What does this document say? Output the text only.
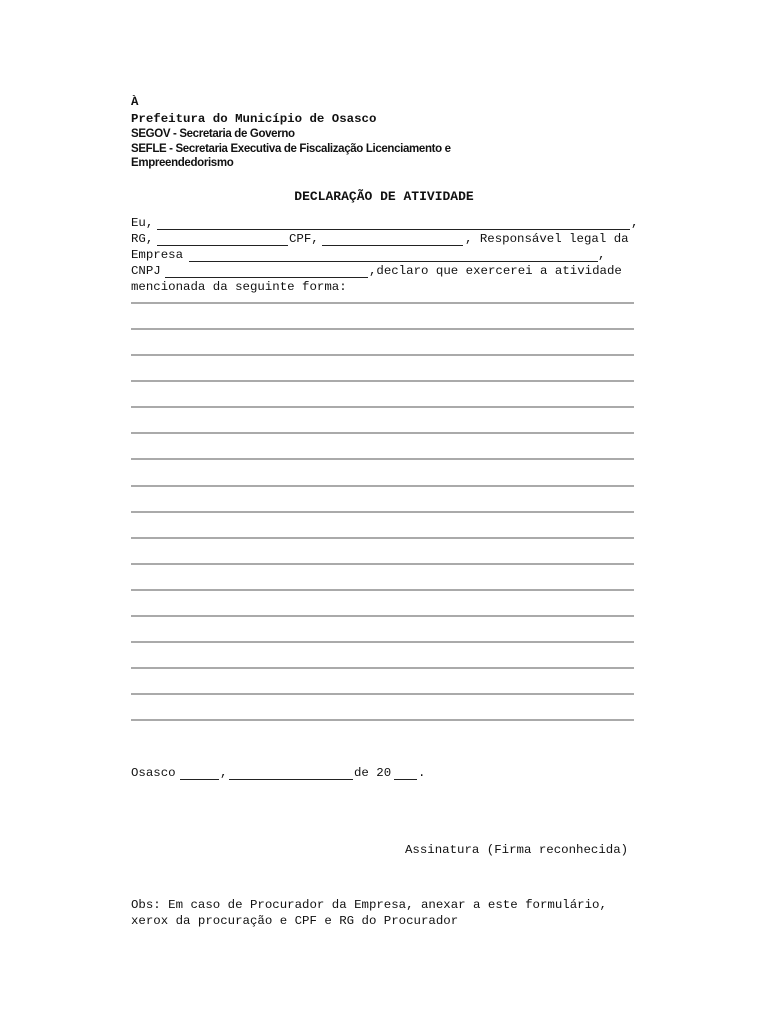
À
Prefeitura do Município de Osasco
SEGOV - Secretaria de Governo
SEFLE - Secretaria Executiva de Fiscalização Licenciamento e
Empreendedorismo
DECLARAÇÃO DE ATIVIDADE
Eu,	,
RG,	CPF,	, Responsável legal da
Empresa	,
CNPJ	,declaro que exercerei a atividade
mencionada da seguinte forma:
Osasco	,	de 20 .
Assinatura (Firma reconhecida)
Obs: Em caso de Procurador da Empresa, anexar a este formulário,
xerox da procuração e CPF e RG do Procurador
